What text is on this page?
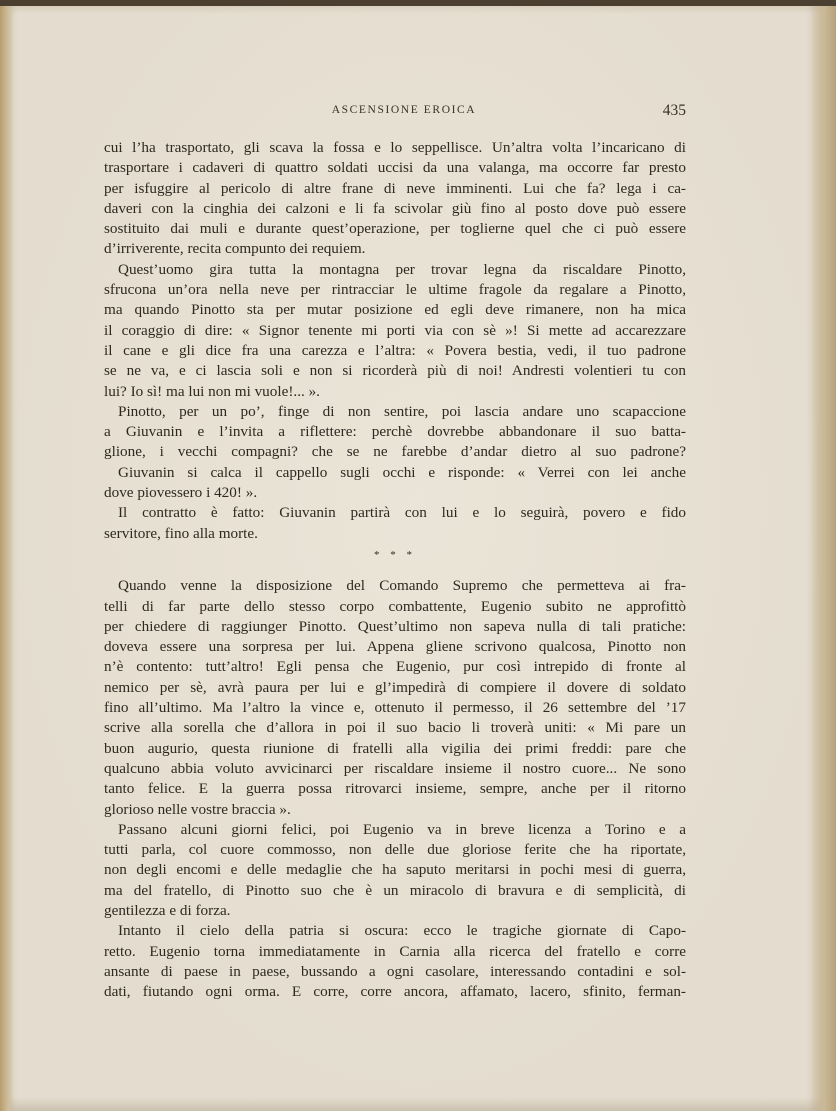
ASCENSIONE EROICA	435
cui l’ha trasportato, gli scava la fossa e lo seppellisce. Un’altra volta l’incaricano di
trasportare i cadaveri di quattro soldati uccisi da una valanga, ma occorre far presto
per isfuggire al pericolo di altre frane di neve imminenti. Lui che fa? lega i ca-
daveri con la cinghia dei calzoni e li fa scivolar giù fino al posto dove può essere
sostituito dai muli e durante quest’operazione, per toglierne quel che ci può essere
d’irriverente, recita compunto dei requiem.
Quest’uomo gira tutta la montagna per trovar legna da riscaldare Pinotto,
sfrucona un’ora nella neve per rintracciar le ultime fragole da regalare a Pinotto,
ma quando Pinotto sta per mutar posizione ed egli deve rimanere, non ha mica
il coraggio di dire: « Signor tenente mi porti via con sè »! Si mette ad accarezzare
il cane e gli dice fra una carezza e l’altra: « Povera bestia, vedi, il tuo padrone
se ne va, e ci lascia soli e non si ricorderà più di noi! Andresti volentieri tu con
lui? Io sì! ma lui non mi vuole!... ».
Pinotto, per un po’, finge di non sentire, poi lascia andare uno scapaccione
a Giuvanin e l’invita a riflettere: perchè dovrebbe abbandonare il suo batta-
glione, i vecchi compagni? che se ne farebbe d’andar dietro al suo padrone?
Giuvanin si calca il cappello sugli occhi e risponde: « Verrei con lei anche
dove piovessero i 420! ».
Il contratto è fatto: Giuvanin partirà con lui e lo seguirà, povero e fido
servitore, fino alla morte.
* * *
Quando venne la disposizione del Comando Supremo che permetteva ai fra-
telli di far parte dello stesso corpo combattente, Eugenio subito ne approfittò
per chiedere di raggiunger Pinotto. Quest’ultimo non sapeva nulla di tali pratiche:
doveva essere una sorpresa per lui. Appena gliene scrivono qualcosa, Pinotto non
n’è contento: tutt’altro! Egli pensa che Eugenio, pur così intrepido di fronte al
nemico per sè, avrà paura per lui e gl’impedirà di compiere il dovere di soldato
fino all’ultimo. Ma l’altro la vince e, ottenuto il permesso, il 26 settembre del ’17
scrive alla sorella che d’allora in poi il suo bacio li troverà uniti: « Mi pare un
buon augurio, questa riunione di fratelli alla vigilia dei primi freddi: pare che
qualcuno abbia voluto avvicinarci per riscaldare insieme il nostro cuore... Ne sono
tanto felice. E la guerra possa ritrovarci insieme, sempre, anche per il ritorno
glorioso nelle vostre braccia ».
Passano alcuni giorni felici, poi Eugenio va in breve licenza a Torino e a
tutti parla, col cuore commosso, non delle due gloriose ferite che ha riportate,
non degli encomi e delle medaglie che ha saputo meritarsi in pochi mesi di guerra,
ma del fratello, di Pinotto suo che è un miracolo di bravura e di semplicità, di
gentilezza e di forza.
Intanto il cielo della patria si oscura: ecco le tragiche giornate di Capo-
retto. Eugenio torna immediatamente in Carnia alla ricerca del fratello e corre
ansante di paese in paese, bussando a ogni casolare, interessando contadini e sol-
dati, fiutando ogni orma. E corre, corre ancora, affamato, lacero, sfinito, ferman-
